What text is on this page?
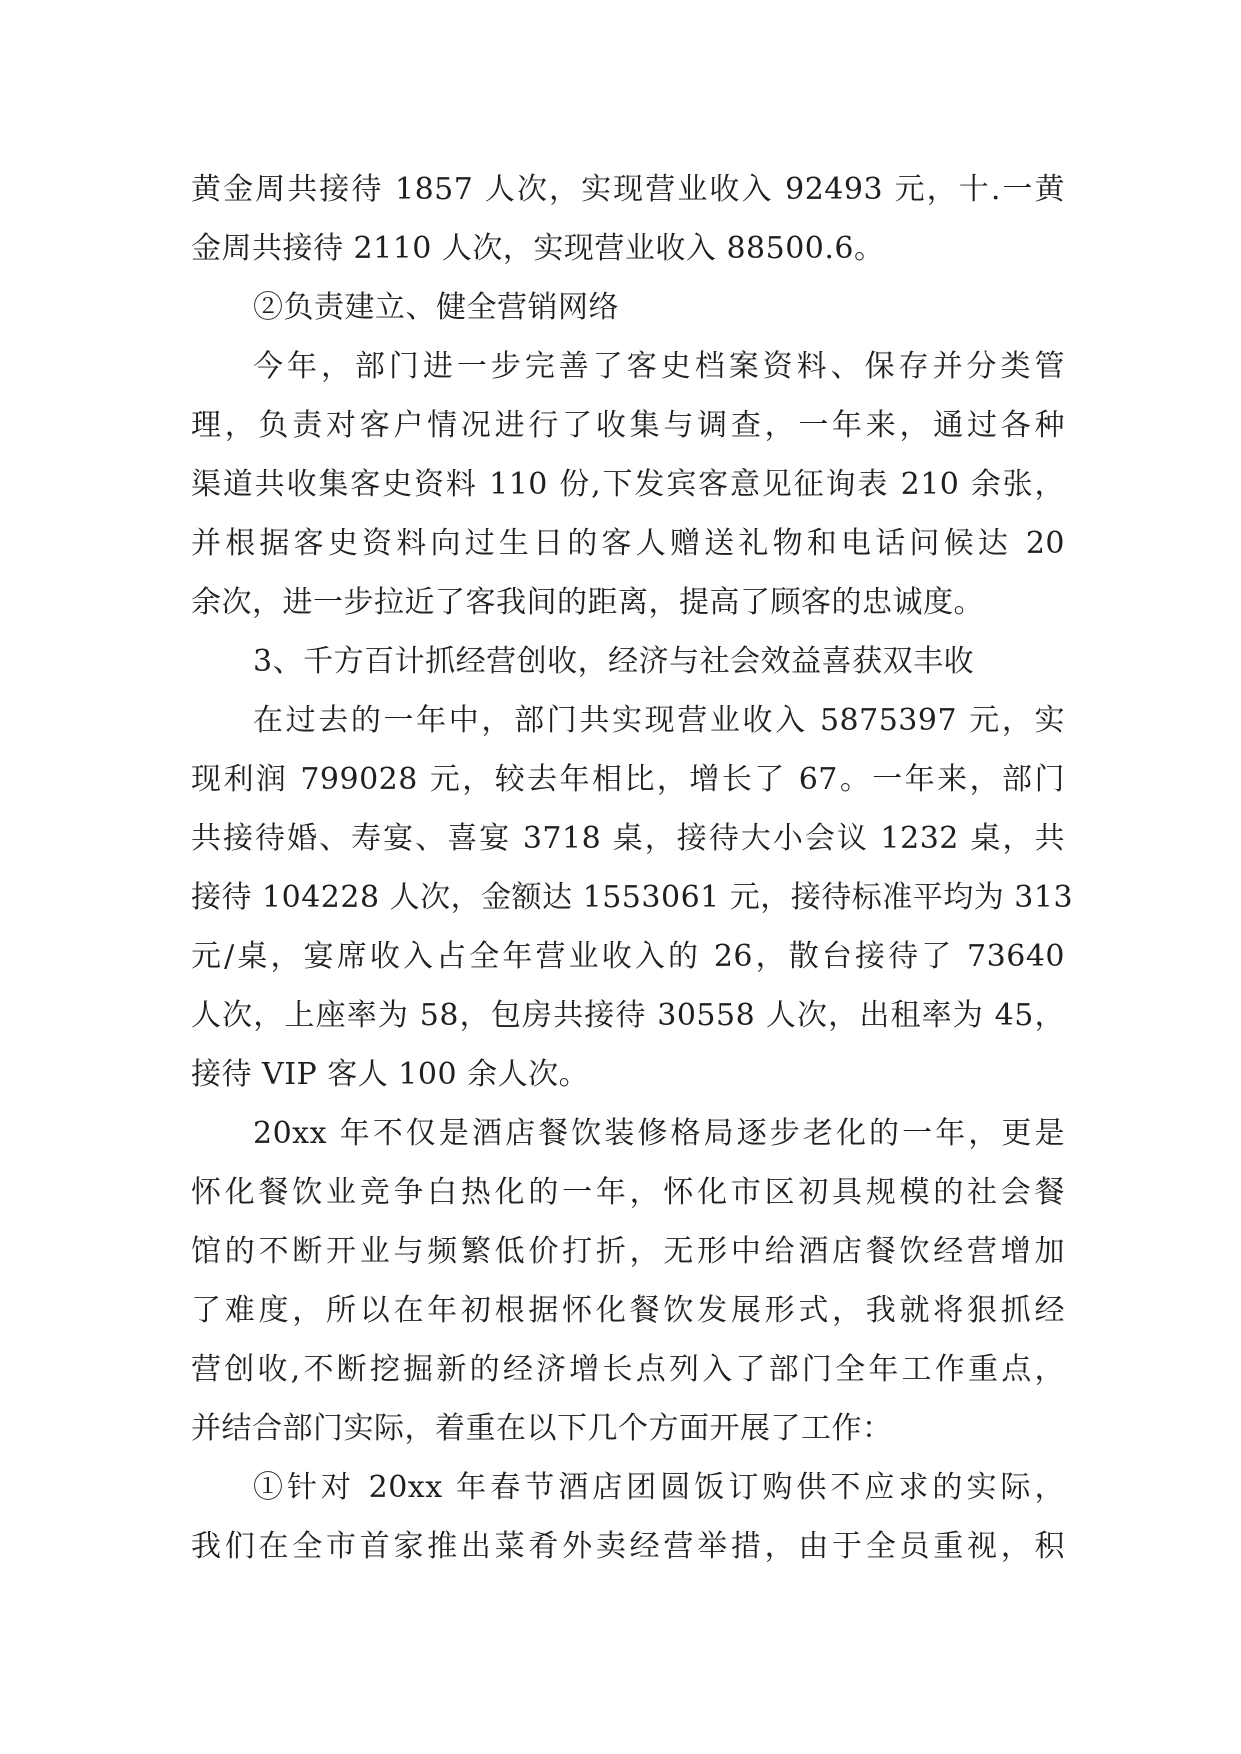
黄金周共接待 1857 人次，实现营业收入 92493 元，十.一黄
金周共接待 2110 人次，实现营业收入 88500.6。
②负责建立、健全营销网络
今年，部门进一步完善了客史档案资料、保存并分类管
理，负责对客户情况进行了收集与调查，一年来，通过各种
渠道共收集客史资料 110 份,下发宾客意见征询表 210 余张，
并根据客史资料向过生日的客人赠送礼物和电话问候达 20
余次，进一步拉近了客我间的距离，提高了顾客的忠诚度。
3、千方百计抓经营创收，经济与社会效益喜获双丰收
在过去的一年中，部门共实现营业收入 5875397 元，实
现利润 799028 元，较去年相比，增长了 67。一年来，部门
共接待婚、寿宴、喜宴 3718 桌，接待大小会议 1232 桌，共
接待 104228 人次，金额达 1553061 元，接待标准平均为 313
元/桌，宴席收入占全年营业收入的 26，散台接待了 73640
人次，上座率为 58，包房共接待 30558 人次，出租率为 45，
接待 VIP 客人 100 余人次。
20xx 年不仅是酒店餐饮装修格局逐步老化的一年，更是
怀化餐饮业竞争白热化的一年，怀化市区初具规模的社会餐
馆的不断开业与频繁低价打折，无形中给酒店餐饮经营增加
了难度，所以在年初根据怀化餐饮发展形式，我就将狠抓经
营创收,不断挖掘新的经济增长点列入了部门全年工作重点，
并结合部门实际，着重在以下几个方面开展了工作：
①针对 20xx 年春节酒店团圆饭订购供不应求的实际，
我们在全市首家推出菜肴外卖经营举措，由于全员重视，积
